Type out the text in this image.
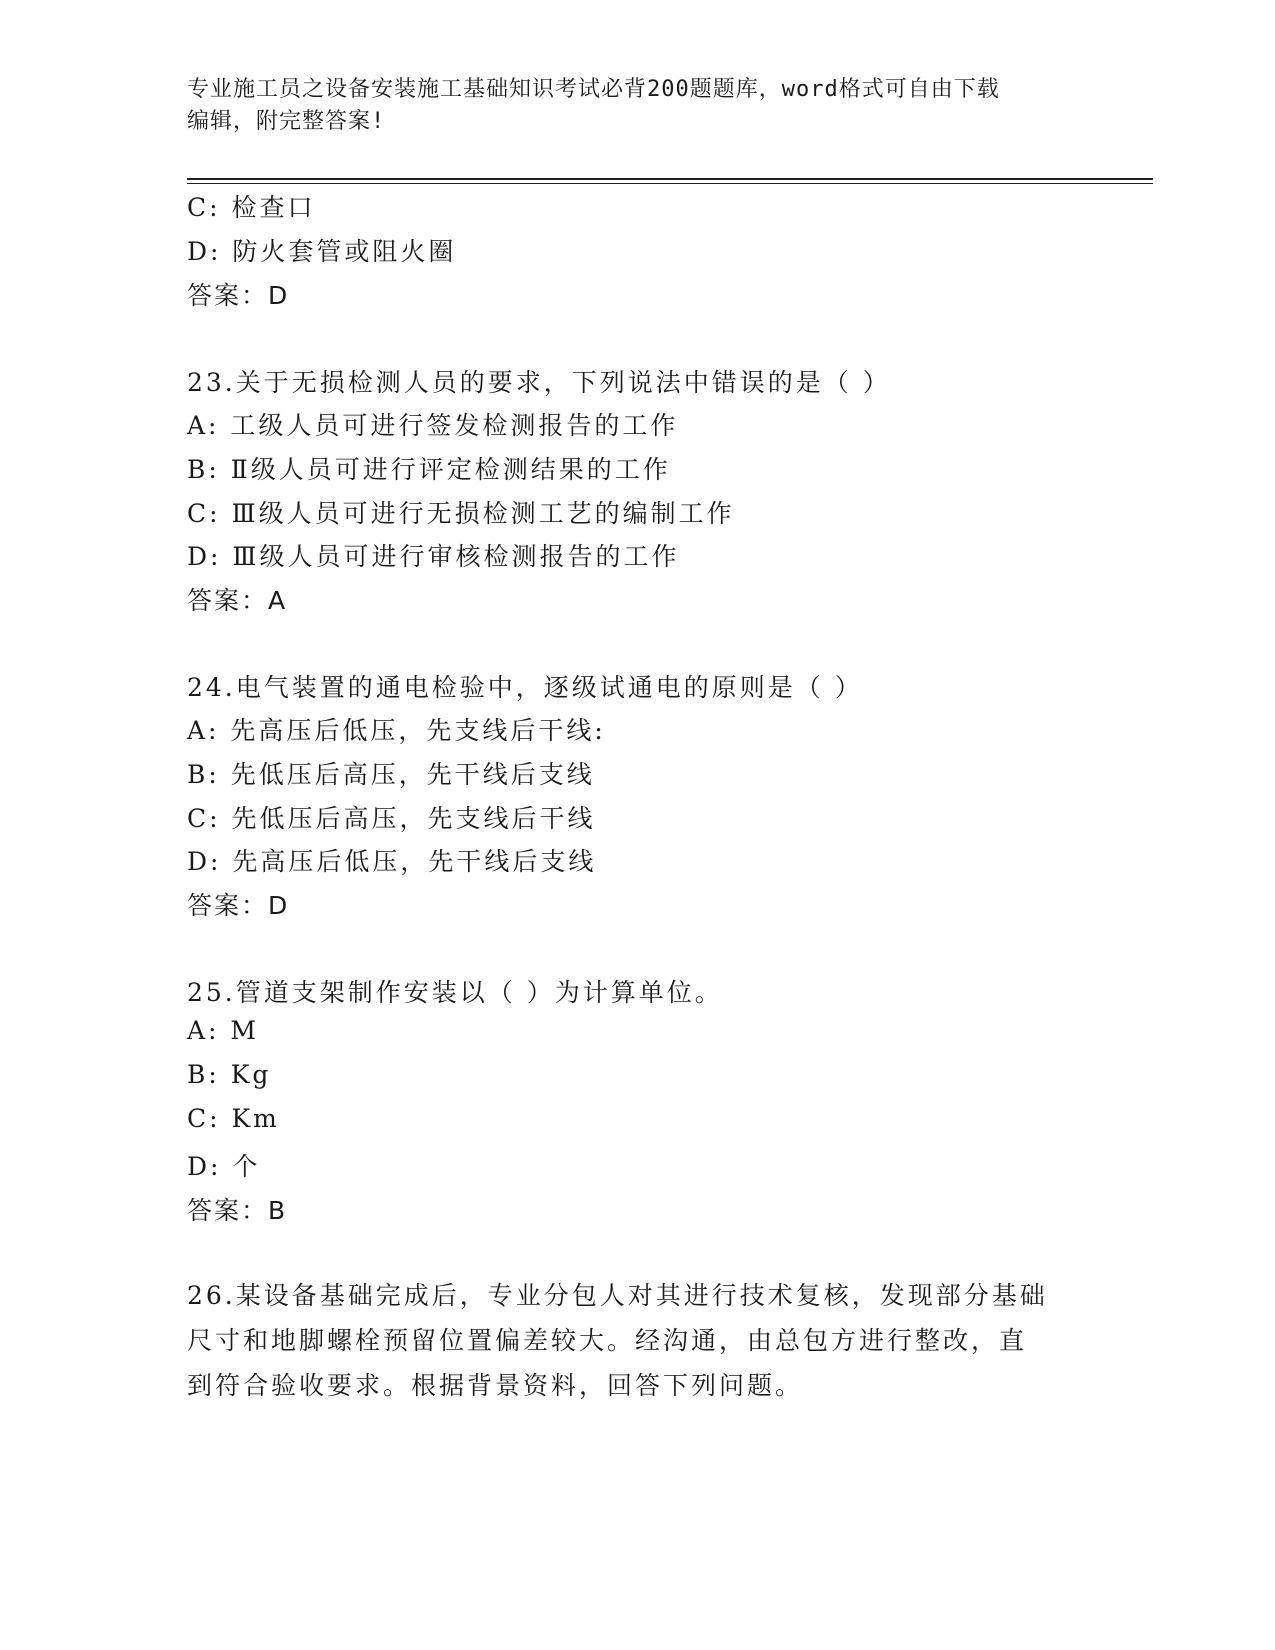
专业施工员之设备安装施工基础知识考试必背200题题库，word格式可自由下载
编辑，附完整答案!
C: 检查口
D: 防火套管或阻火圈
答案：D
23.关于无损检测人员的要求，下列说法中错误的是（ ）
A: 工级人员可进行签发检测报告的工作
B: Ⅱ级人员可进行评定检测结果的工作
C: Ⅲ级人员可进行无损检测工艺的编制工作
D: Ⅲ级人员可进行审核检测报告的工作
答案：A
24.电气装置的通电检验中，逐级试通电的原则是（ ）
A: 先高压后低压，先支线后干线:
B: 先低压后高压，先干线后支线
C: 先低压后高压，先支线后干线
D: 先高压后低压，先干线后支线
答案：D
25.管道支架制作安装以（ ）为计算单位。
A: M
B: Kg
C: Km
D: 个
答案：B
26.某设备基础完成后，专业分包人对其进行技术复核，发现部分基础
尺寸和地脚螺栓预留位置偏差较大。经沟通，由总包方进行整改，直
到符合验收要求。根据背景资料，回答下列问题。
